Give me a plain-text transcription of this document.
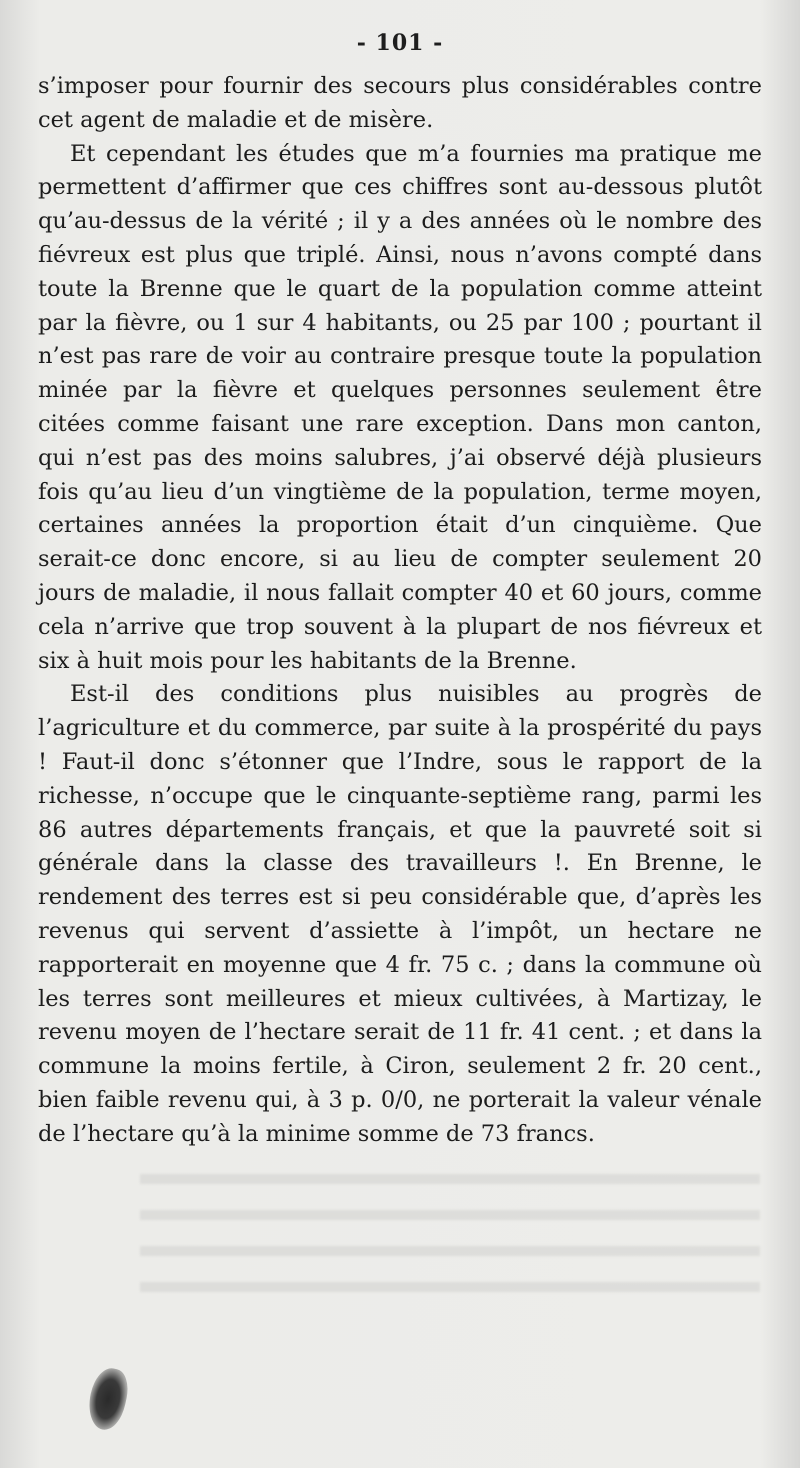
- 101 -

s’imposer pour fournir des secours plus considérables contre cet agent de maladie et de misère.

Et cependant les études que m’a fournies ma pratique me permettent d’affirmer que ces chiffres sont au-dessous plutôt qu’au-dessus de la vérité ; il y a des années où le nombre des fiévreux est plus que triplé. Ainsi, nous n’avons compté dans toute la Brenne que le quart de la population comme atteint par la fièvre, ou 1 sur 4 habitants, ou 25 par 100 ; pourtant il n’est pas rare de voir au contraire presque toute la population minée par la fièvre et quelques personnes seulement être citées comme faisant une rare exception. Dans mon canton, qui n’est pas des moins salubres, j’ai observé déjà plusieurs fois qu’au lieu d’un vingtième de la population, terme moyen, certaines années la proportion était d’un cinquième. Que serait-ce donc encore, si au lieu de compter seulement 20 jours de maladie, il nous fallait compter 40 et 60 jours, comme cela n’arrive que trop souvent à la plupart de nos fiévreux et six à huit mois pour les habitants de la Brenne.

Est-il des conditions plus nuisibles au progrès de l’agriculture et du commerce, par suite à la prospérité du pays ! Faut-il donc s’étonner que l’Indre, sous le rapport de la richesse, n’occupe que le cinquante-septième rang, parmi les 86 autres départements français, et que la pauvreté soit si générale dans la classe des travailleurs !. En Brenne, le rendement des terres est si peu considérable que, d’après les revenus qui servent d’assiette à l’impôt, un hectare ne rapporterait en moyenne que 4 fr. 75 c. ; dans la commune où les terres sont meilleures et mieux cultivées, à Martizay, le revenu moyen de l’hectare serait de 11 fr. 41 cent. ; et dans la commune la moins fertile, à Ciron, seulement 2 fr. 20 cent., bien faible revenu qui, à 3 p. 0/0, ne porterait la valeur vénale de l’hectare qu’à la minime somme de 73 francs.
